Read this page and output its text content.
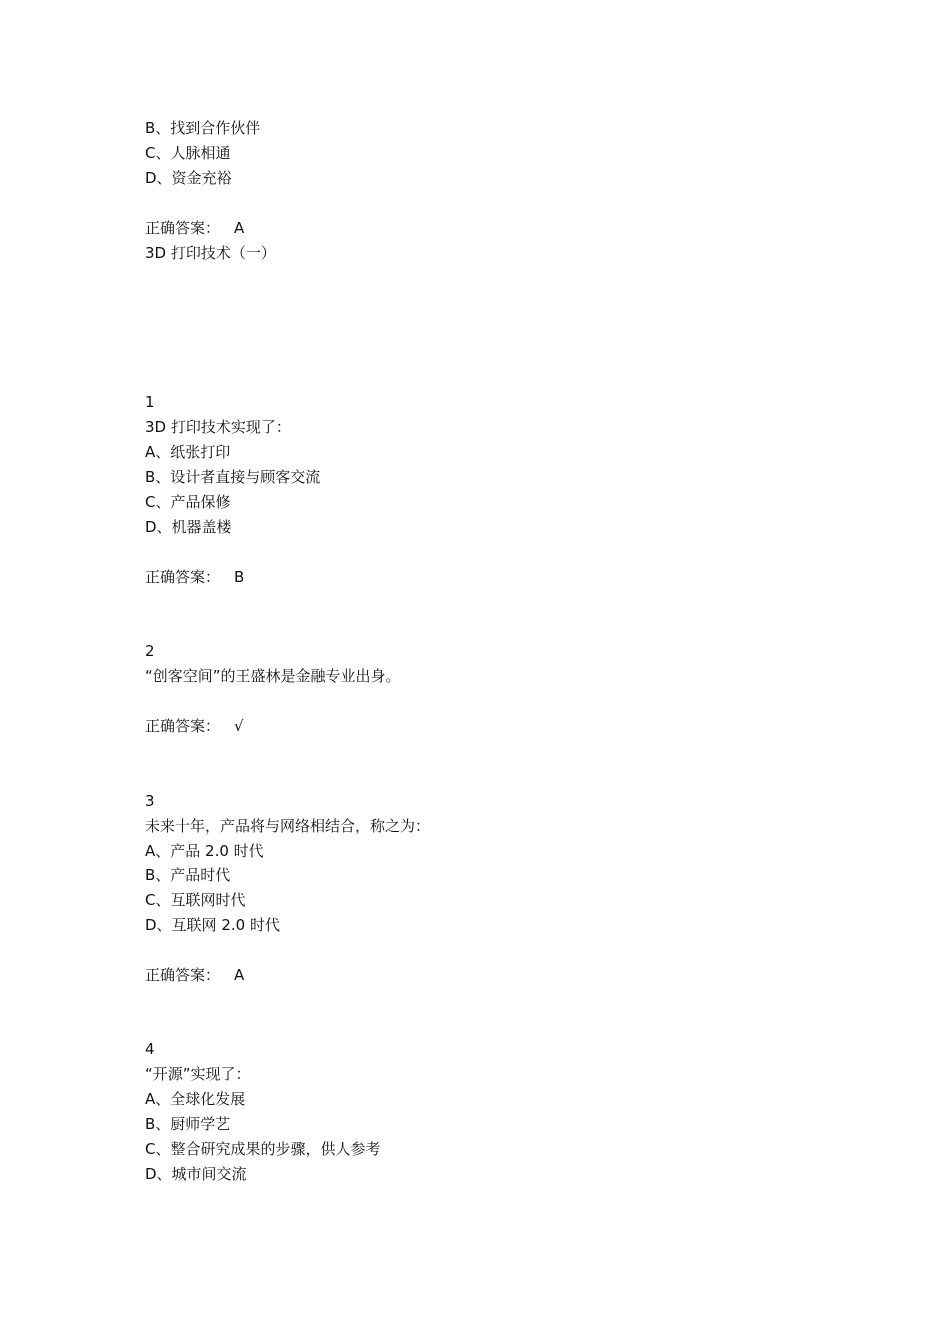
B、找到合作伙伴
C、人脉相通
D、资金充裕
正确答案： A
3D 打印技术（一）
1
3D 打印技术实现了：
A、纸张打印
B、设计者直接与顾客交流
C、产品保修
D、机器盖楼
正确答案： B
2
“创客空间”的王盛林是金融专业出身。
正确答案： √
3
未来十年，产品将与网络相结合，称之为：
A、产品 2.0 时代
B、产品时代
C、互联网时代
D、互联网 2.0 时代
正确答案： A
4
“开源”实现了：
A、全球化发展
B、厨师学艺
C、整合研究成果的步骤，供人参考
D、城市间交流
